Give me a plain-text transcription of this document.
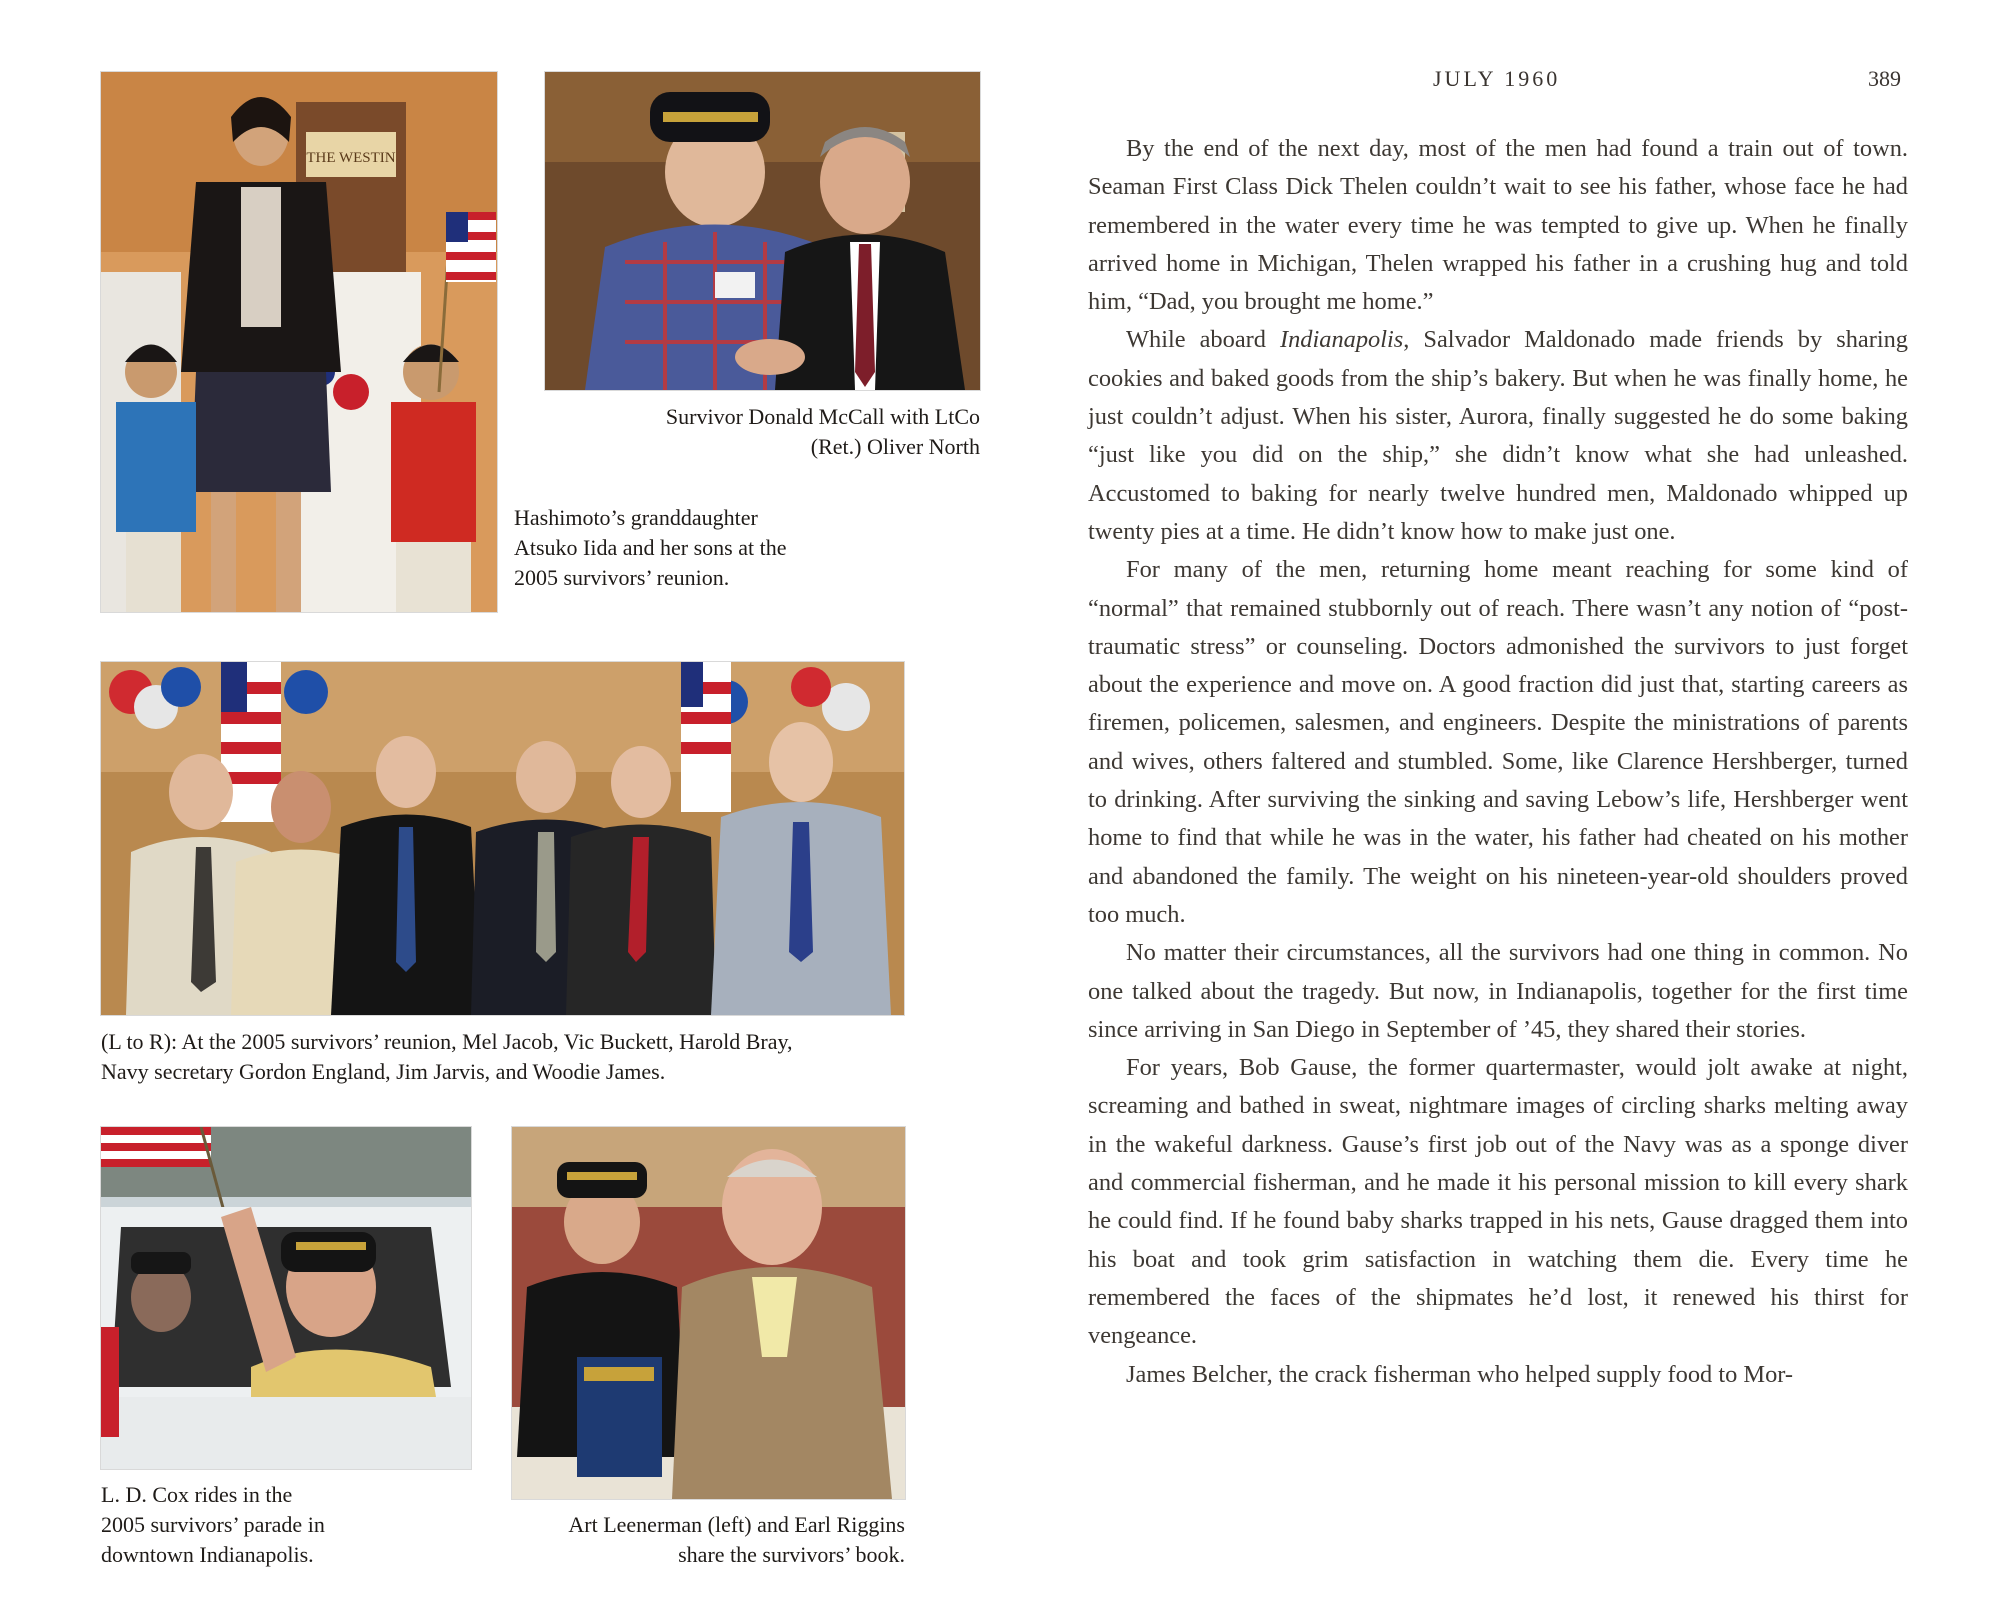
THE WESTIN
Hashimoto’s granddaughter
Atsuko Iida and her sons at the
2005 survivors’ reunion.
Survivor Donald McCall with LtCo
(Ret.) Oliver North
(L to R): At the 2005 survivors’ reunion, Mel Jacob, Vic Buckett, Harold Bray,
Navy secretary Gordon England, Jim Jarvis, and Woodie James.
L. D. Cox rides in the
2005 survivors’ parade in
downtown Indianapolis.
Art Leenerman (left) and Earl Riggins
share the survivors’ book.
JULY 1960	389

By the end of the next day, most of the men had found a train out of town. Seaman First Class Dick Thelen couldn’t wait to see his father, whose face he had remembered in the water every time he was tempted to give up. When he finally arrived home in Michigan, Thelen wrapped his father in a crushing hug and told him, “Dad, you brought me home.”

While aboard Indianapolis, Salvador Maldonado made friends by sharing cookies and baked goods from the ship’s bakery. But when he was finally home, he just couldn’t adjust. When his sister, Aurora, finally suggested he do some baking “just like you did on the ship,” she didn’t know what she had unleashed. Accustomed to baking for nearly twelve hundred men, Maldonado whipped up twenty pies at a time. He didn’t know how to make just one.

For many of the men, returning home meant reaching for some kind of “normal” that remained stubbornly out of reach. There wasn’t any notion of “post-traumatic stress” or counseling. Doctors admonished the survivors to just forget about the experience and move on. A good fraction did just that, starting careers as firemen, policemen, salesmen, and engineers. Despite the ministrations of parents and wives, others faltered and stumbled. Some, like Clarence Hershberger, turned to drinking. After surviving the sinking and saving Lebow’s life, Hershberger went home to find that while he was in the water, his father had cheated on his mother and abandoned the family. The weight on his nineteen-year-old shoulders proved too much.

No matter their circumstances, all the survivors had one thing in common. No one talked about the tragedy. But now, in Indianapolis, together for the first time since arriving in San Diego in September of ’45, they shared their stories.

For years, Bob Gause, the former quartermaster, would jolt awake at night, screaming and bathed in sweat, nightmare images of circling sharks melting away in the wakeful darkness. Gause’s first job out of the Navy was as a sponge diver and commercial fisherman, and he made it his personal mission to kill every shark he could find. If he found baby sharks trapped in his nets, Gause dragged them into his boat and took grim satisfaction in watching them die. Every time he remembered the faces of the shipmates he’d lost, it renewed his thirst for vengeance.

James Belcher, the crack fisherman who helped supply food to Mor-
